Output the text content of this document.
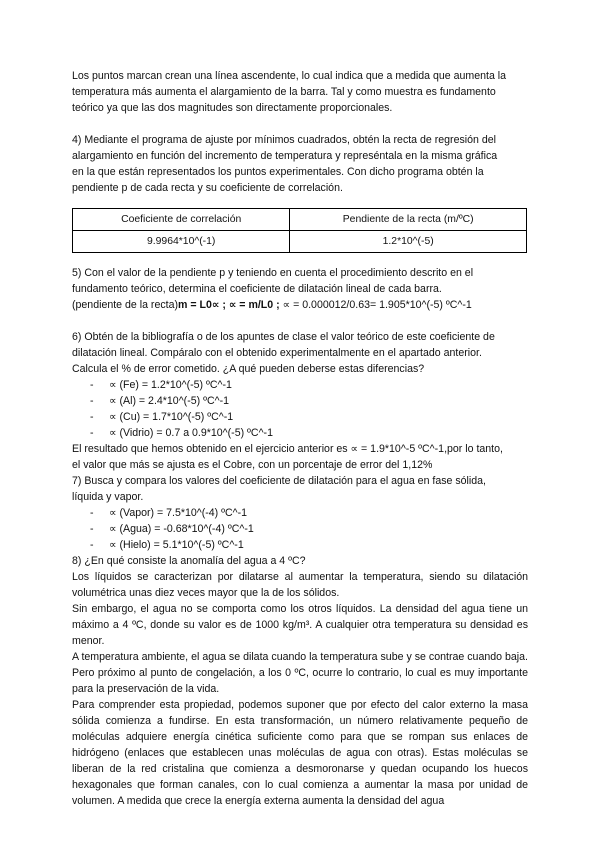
Los puntos marcan crean una línea ascendente, lo cual indica que a medida que aumenta la

temperatura más aumenta el alargamiento de la barra. Tal y como muestra es fundamento

teórico ya que las dos magnitudes son directamente proporcionales.

4) Mediante el programa de ajuste por mínimos cuadrados, obtén la recta de regresión del

alargamiento en función del incremento de temperatura y represéntala en la misma gráfica

en la que están representados los puntos experimentales. Con dicho programa obtén la

pendiente p de cada recta y su coeficiente de correlación.

Coeficiente de correlación	Pendiente de la recta (m/ºC)
9.9964*10^(-1)	1.2*10^(-5)

5) Con el valor de la pendiente p y teniendo en cuenta el procedimiento descrito en el

fundamento teórico, determina el coeficiente de dilatación lineal de cada barra.

(pendiente de la recta)m = L0∝ ; ∝ = m/L0 ; ∝ = 0.000012/0.63= 1.905*10^(-5) ºC^-1

6) Obtén de la bibliografía o de los apuntes de clase el valor teórico de este coeficiente de

dilatación lineal. Compáralo con el obtenido experimentalmente en el apartado anterior.

Calcula el % de error cometido. ¿A qué pueden deberse estas diferencias?

- ∝ (Fe) = 1.2*10^(-5) ºC^-1
- ∝ (Al) = 2.4*10^(-5) ºC^-1
- ∝ (Cu) = 1.7*10^(-5) ºC^-1
- ∝ (Vidrio) = 0.7 a 0.9*10^(-5) ºC^-1

El resultado que hemos obtenido en el ejercicio anterior es ∝ = 1.9*10^-5 ºC^-1,por lo tanto,

el valor que más se ajusta es el Cobre, con un porcentaje de error del 1,12%

7) Busca y compara los valores del coeficiente de dilatación para el agua en fase sólida,

líquida y vapor.

- ∝ (Vapor) = 7.5*10^(-4) ºC^-1
- ∝ (Agua) = -0.68*10^(-4) ºC^-1
- ∝ (Hielo) = 5.1*10^(-5) ºC^-1

8) ¿En qué consiste la anomalía del agua a 4 ºC?

Los líquidos se caracterizan por dilatarse al aumentar la temperatura, siendo su dilatación volumétrica unas diez veces mayor que la de los sólidos.

Sin embargo, el agua no se comporta como los otros líquidos. La densidad del agua tiene un máximo a 4 ºC, donde su valor es de 1000 kg/m³. A cualquier otra temperatura su densidad es menor.

A temperatura ambiente, el agua se dilata cuando la temperatura sube y se contrae cuando baja. Pero próximo al punto de congelación, a los 0 ºC, ocurre lo contrario, lo cual es muy importante para la preservación de la vida.

Para comprender esta propiedad, podemos suponer que por efecto del calor externo la masa sólida comienza a fundirse. En esta transformación, un número relativamente pequeño de moléculas adquiere energía cinética suficiente como para que se rompan sus enlaces de hidrógeno (enlaces que establecen unas moléculas de agua con otras). Estas moléculas se liberan de la red cristalina que comienza a desmoronarse y quedan ocupando los huecos hexagonales que forman canales, con lo cual comienza a aumentar la masa por unidad de volumen. A medida que crece la energía externa aumenta la densidad del agua
